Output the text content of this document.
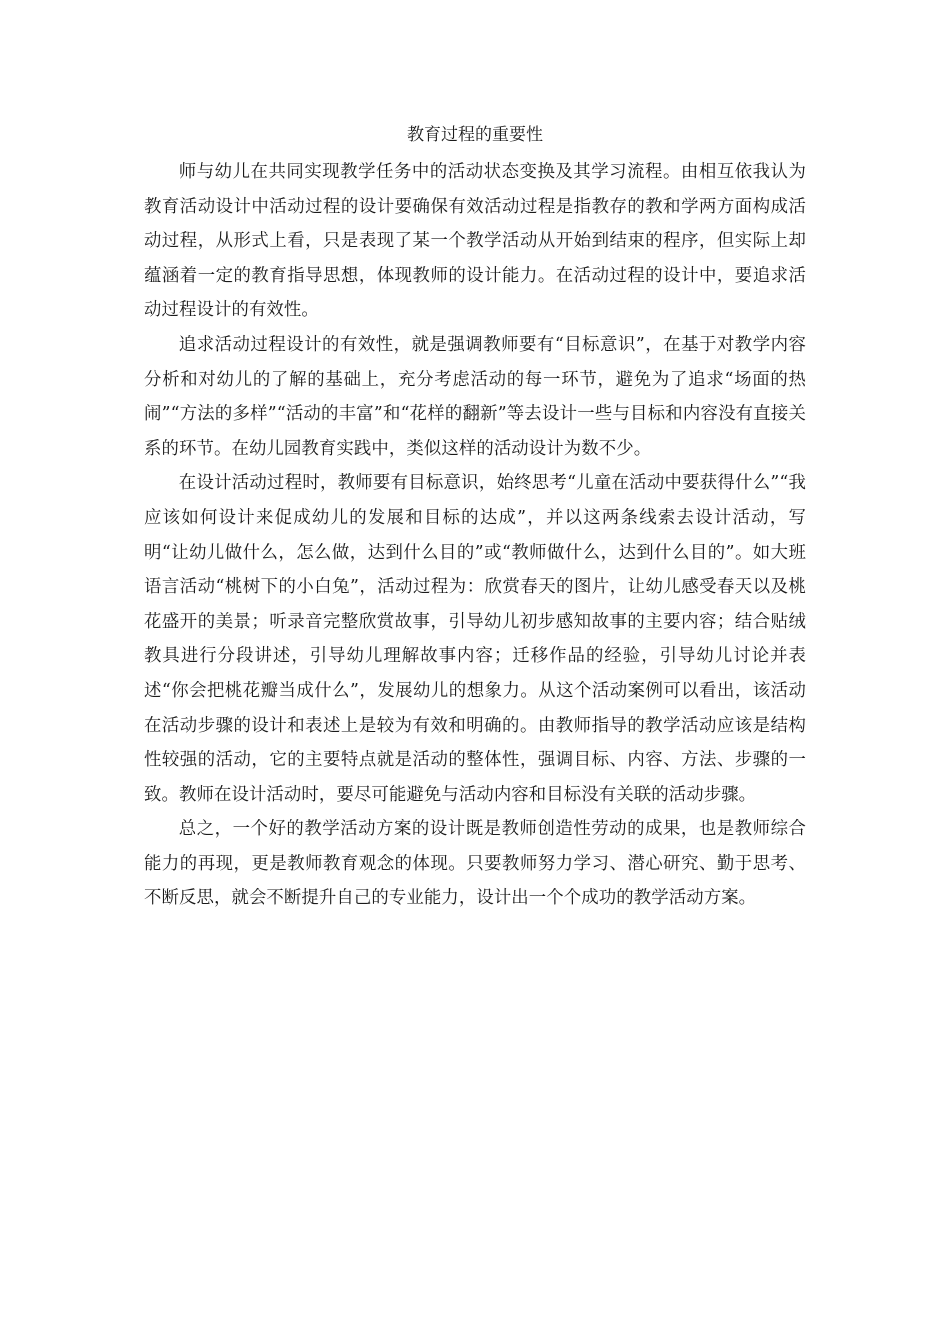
教育过程的重要性

师与幼儿在共同实现教学任务中的活动状态变换及其学习流程。由相互依我认为教育活动设计中活动过程的设计要确保有效活动过程是指教存的教和学两方面构成活动过程，从形式上看，只是表现了某一个教学活动从开始到结束的程序，但实际上却蕴涵着一定的教育指导思想，体现教师的设计能力。在活动过程的设计中，要追求活动过程设计的有效性。

追求活动过程设计的有效性，就是强调教师要有“目标意识”，在基于对教学内容分析和对幼儿的了解的基础上，充分考虑活动的每一环节，避免为了追求“场面的热闹”“方法的多样”“活动的丰富”和“花样的翻新”等去设计一些与目标和内容没有直接关系的环节。在幼儿园教育实践中，类似这样的活动设计为数不少。

在设计活动过程时，教师要有目标意识，始终思考“儿童在活动中要获得什么”“我应该如何设计来促成幼儿的发展和目标的达成”，并以这两条线索去设计活动，写明“让幼儿做什么，怎么做，达到什么目的”或“教师做什么，达到什么目的”。如大班语言活动“桃树下的小白兔”，活动过程为：欣赏春天的图片，让幼儿感受春天以及桃花盛开的美景；听录音完整欣赏故事，引导幼儿初步感知故事的主要内容；结合贴绒教具进行分段讲述，引导幼儿理解故事内容；迁移作品的经验，引导幼儿讨论并表述“你会把桃花瓣当成什么”，发展幼儿的想象力。从这个活动案例可以看出，该活动在活动步骤的设计和表述上是较为有效和明确的。由教师指导的教学活动应该是结构性较强的活动，它的主要特点就是活动的整体性，强调目标、内容、方法、步骤的一致。教师在设计活动时，要尽可能避免与活动内容和目标没有关联的活动步骤。

总之，一个好的教学活动方案的设计既是教师创造性劳动的成果，也是教师综合能力的再现，更是教师教育观念的体现。只要教师努力学习、潜心研究、勤于思考、不断反思，就会不断提升自己的专业能力，设计出一个个成功的教学活动方案。
